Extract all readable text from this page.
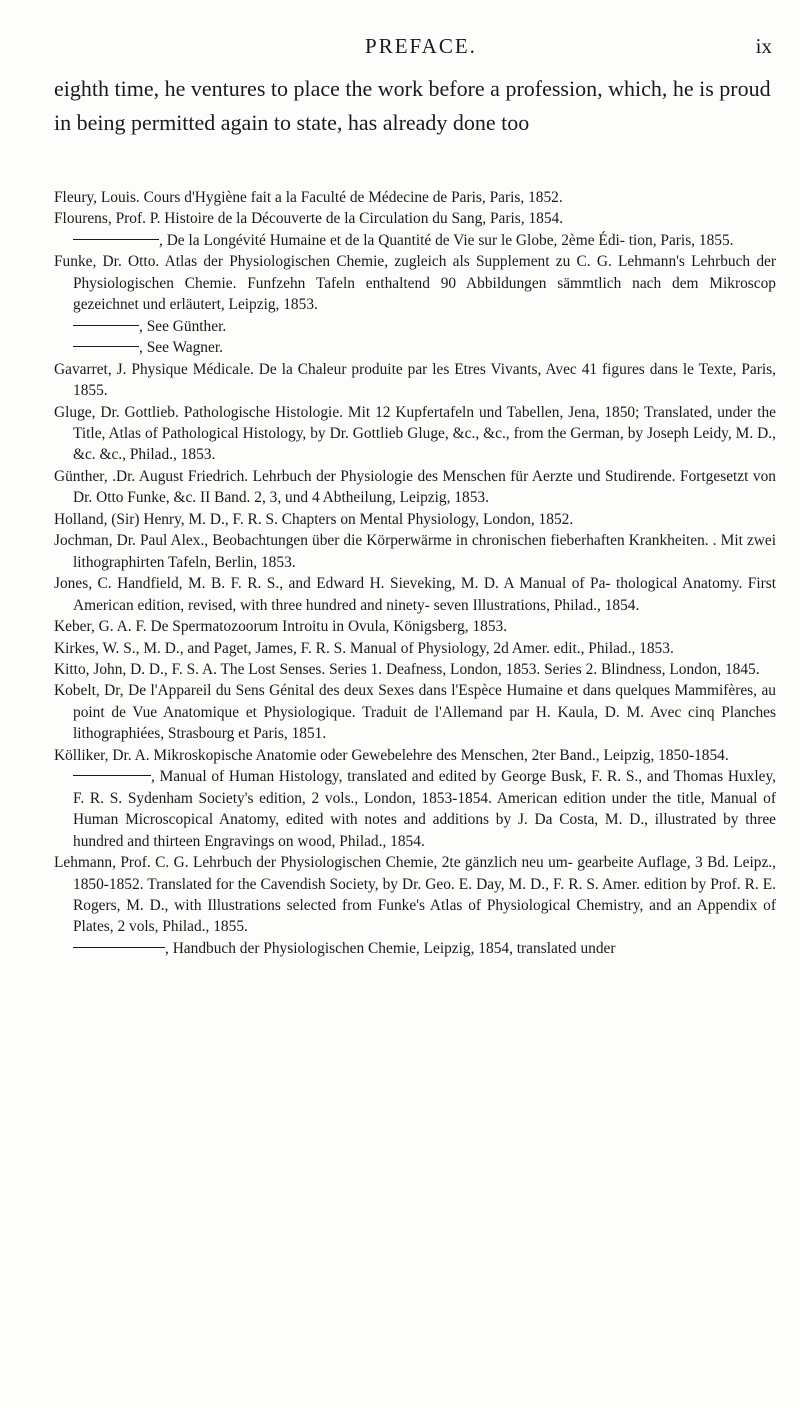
PREFACE.	ix

eighth time, he ventures to place the work before a profession, which, he is proud in being permitted again to state, has already done too

Fleury, Louis. Cours d'Hygiène fait a la Faculté de Médecine de Paris, Paris, 1852.

Flourens, Prof. P. Histoire de la Découverte de la Circulation du Sang, Paris, 1854.

, De la Longévité Humaine et de la Quantité de Vie sur le Globe, 2ème Édi- tion, Paris, 1855.

Funke, Dr. Otto. Atlas der Physiologischen Chemie, zugleich als Supplement zu C. G. Lehmann's Lehrbuch der Physiologischen Chemie. Funfzehn Tafeln enthaltend 90 Abbildungen sämmtlich nach dem Mikroscop gezeichnet und erläutert, Leipzig, 1853.

, See Günther.

, See Wagner.

Gavarret, J. Physique Médicale. De la Chaleur produite par les Etres Vivants, Avec 41 figures dans le Texte, Paris, 1855.

Gluge, Dr. Gottlieb. Pathologische Histologie. Mit 12 Kupfertafeln und Tabellen, Jena, 1850; Translated, under the Title, Atlas of Pathological Histology, by Dr. Gottlieb Gluge, &c., &c., from the German, by Joseph Leidy, M. D., &c. &c., Philad., 1853.

Günther, .Dr. August Friedrich. Lehrbuch der Physiologie des Menschen für Aerzte und Studirende. Fortgesetzt von Dr. Otto Funke, &c. II Band. 2, 3, und 4 Abtheilung, Leipzig, 1853.

Holland, (Sir) Henry, M. D., F. R. S. Chapters on Mental Physiology, London, 1852.

Jochman, Dr. Paul Alex., Beobachtungen über die Körperwärme in chronischen fieberhaften Krankheiten. . Mit zwei lithographirten Tafeln, Berlin, 1853.

Jones, C. Handfield, M. B. F. R. S., and Edward H. Sieveking, M. D. A Manual of Pa- thological Anatomy. First American edition, revised, with three hundred and ninety- seven Illustrations, Philad., 1854.

Keber, G. A. F. De Spermatozoorum Introitu in Ovula, Königsberg, 1853.

Kirkes, W. S., M. D., and Paget, James, F. R. S. Manual of Physiology, 2d Amer. edit., Philad., 1853.

Kitto, John, D. D., F. S. A. The Lost Senses. Series 1. Deafness, London, 1853. Series 2. Blindness, London, 1845.

Kobelt, Dr, De l'Appareil du Sens Génital des deux Sexes dans l'Espèce Humaine et dans quelques Mammifères, au point de Vue Anatomique et Physiologique. Traduit de l'Allemand par H. Kaula, D. M. Avec cinq Planches lithographiées, Strasbourg et Paris, 1851.

Kölliker, Dr. A. Mikroskopische Anatomie oder Gewebelehre des Menschen, 2ter Band., Leipzig, 1850-1854.

, Manual of Human Histology, translated and edited by George Busk, F. R. S., and Thomas Huxley, F. R. S. Sydenham Society's edition, 2 vols., London, 1853-1854. American edition under the title, Manual of Human Microscopical Anatomy, edited with notes and additions by J. Da Costa, M. D., illustrated by three hundred and thirteen Engravings on wood, Philad., 1854.

Lehmann, Prof. C. G. Lehrbuch der Physiologischen Chemie, 2te gänzlich neu um- gearbeite Auflage, 3 Bd. Leipz., 1850-1852. Translated for the Cavendish Society, by Dr. Geo. E. Day, M. D., F. R. S. Amer. edition by Prof. R. E. Rogers, M. D., with Illustrations selected from Funke's Atlas of Physiological Chemistry, and an Appendix of Plates, 2 vols, Philad., 1855.

, Handbuch der Physiologischen Chemie, Leipzig, 1854, translated under
